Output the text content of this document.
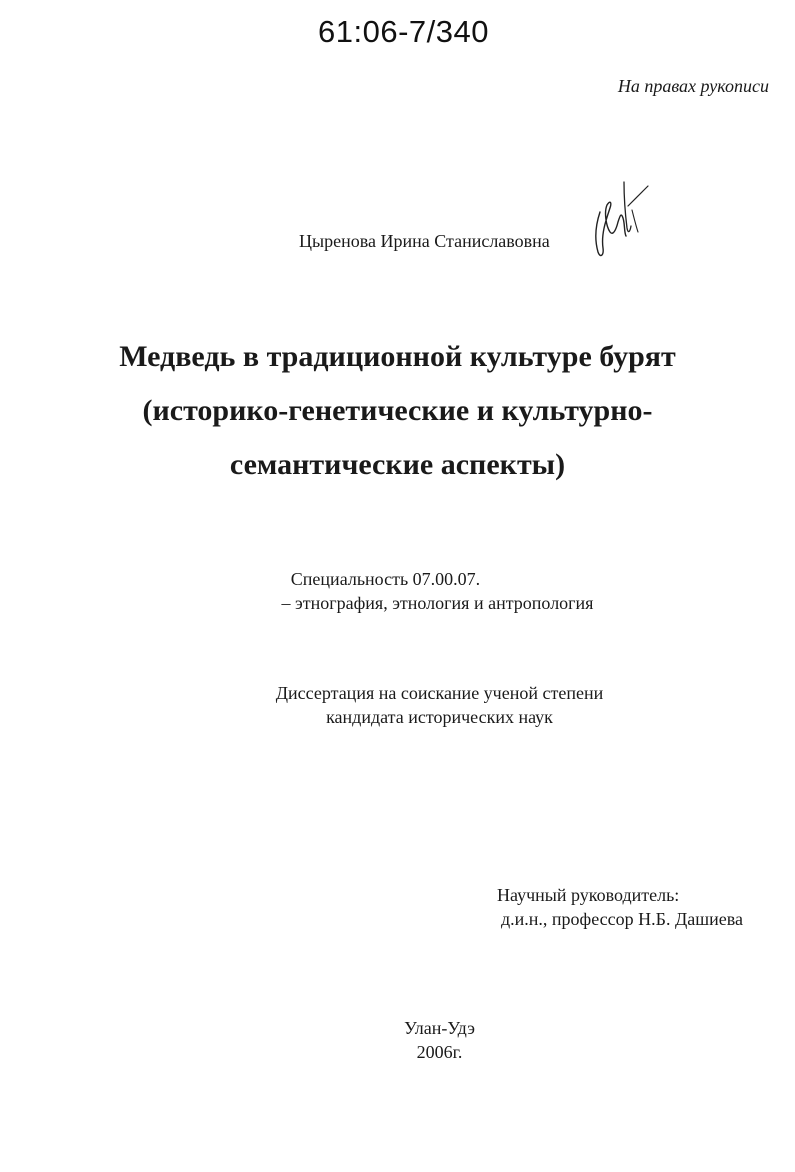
61:06-7/340
На правах рукописи
Цыренова Ирина Станиславовна
Медведь в традиционной культуре бурят
(историко-генетические и культурно-
семантические аспекты)
Специальность 07.00.07.
– этнография, этнология и антропология
Диссертация на соискание ученой степени
кандидата исторических наук
Научный руководитель:
д.и.н., профессор Н.Б. Дашиева
Улан-Удэ
2006г.
